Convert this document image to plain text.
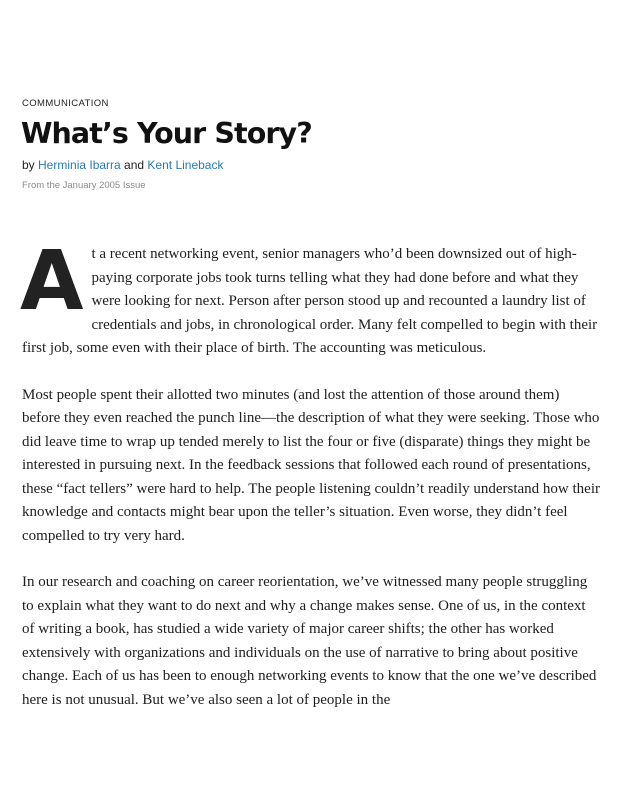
COMMUNICATION
What’s Your Story?
by Herminia Ibarra and Kent Lineback
From the January 2005 Issue

At a recent networking event, senior managers who’d been downsized out of high-paying corporate jobs took turns telling what they had done before and what they were looking for next. Person after person stood up and recounted a laundry list of credentials and jobs, in chronological order. Many felt compelled to begin with their first job, some even with their place of birth. The accounting was meticulous.

Most people spent their allotted two minutes (and lost the attention of those around them) before they even reached the punch line—the description of what they were seeking. Those who did leave time to wrap up tended merely to list the four or five (disparate) things they might be interested in pursuing next. In the feedback sessions that followed each round of presentations, these “fact tellers” were hard to help. The people listening couldn’t readily understand how their knowledge and contacts might bear upon the teller’s situation. Even worse, they didn’t feel compelled to try very hard.

In our research and coaching on career reorientation, we’ve witnessed many people struggling to explain what they want to do next and why a change makes sense. One of us, in the context of writing a book, has studied a wide variety of major career shifts; the other has worked extensively with organizations and individuals on the use of narrative to bring about positive change. Each of us has been to enough networking events to know that the one we’ve described here is not unusual. But we’ve also seen a lot of people in the
